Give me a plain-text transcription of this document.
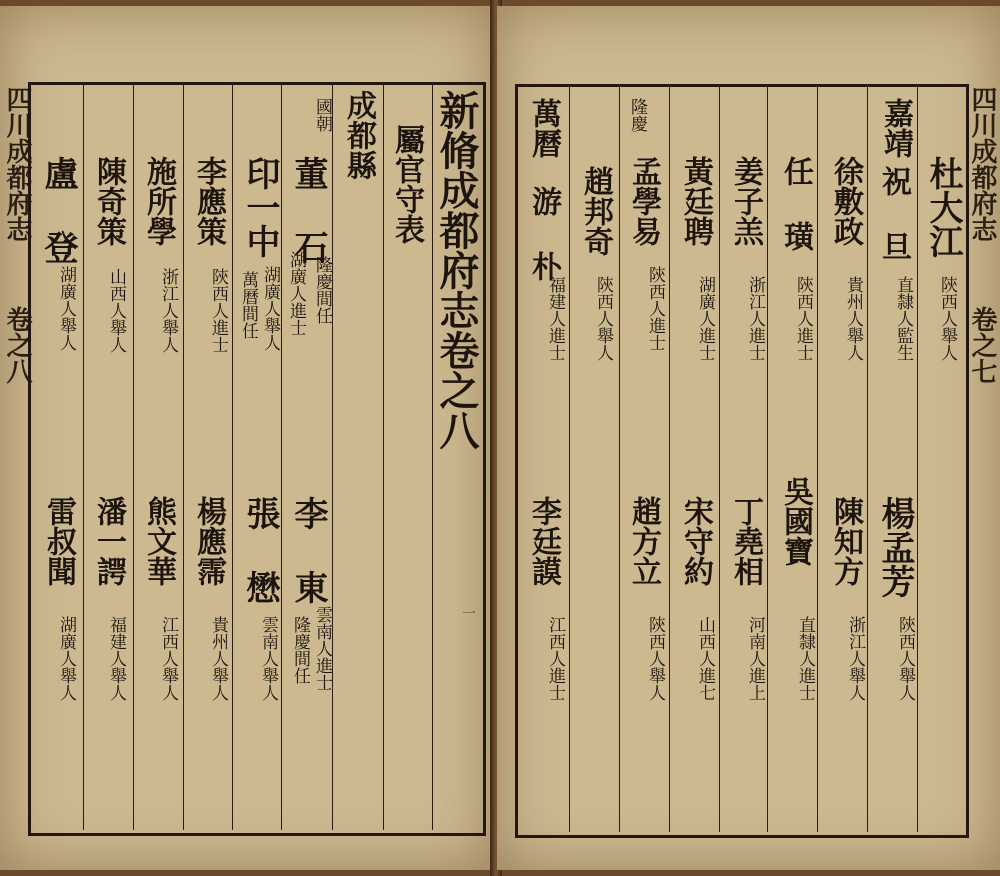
四川成都府志
卷之八	新脩成都府志卷之八
屬官守表
成都縣
國朝
董 石
湖廣人進士 隆慶間任
印一中
湖廣人舉人
萬曆間任
李應策
陝西人進士
施所學
浙江人舉人
陳奇策
山西人舉人
盧 登
湖廣人舉人
李 東
雲南人進士
隆慶間任
張 懋
雲南人舉人
楊應霈
貴州人舉人
熊文華
江西人舉人
潘一諤
福建人舉人
雷叔聞
湖廣人舉人
一
四川成都府志
卷之七
嘉靖
隆慶
萬曆
杜大江
陝西人舉人
祝 旦
直隸人監生
徐敷政
貴州人舉人
任 璜
陝西人進士
姜子羔
浙江人進士
黃廷聘
湖廣人進士
孟學易
陝西人進士
趙邦奇
陝西人舉人
游 朴
福建人進士
楊孟芳
陝西人舉人
陳知方
浙江人舉人
吳國寶
直隸人進士
丁堯相
河南人進上
宋守約
山西人進七
趙方立
陝西人舉人
李廷謨
江西人進士
